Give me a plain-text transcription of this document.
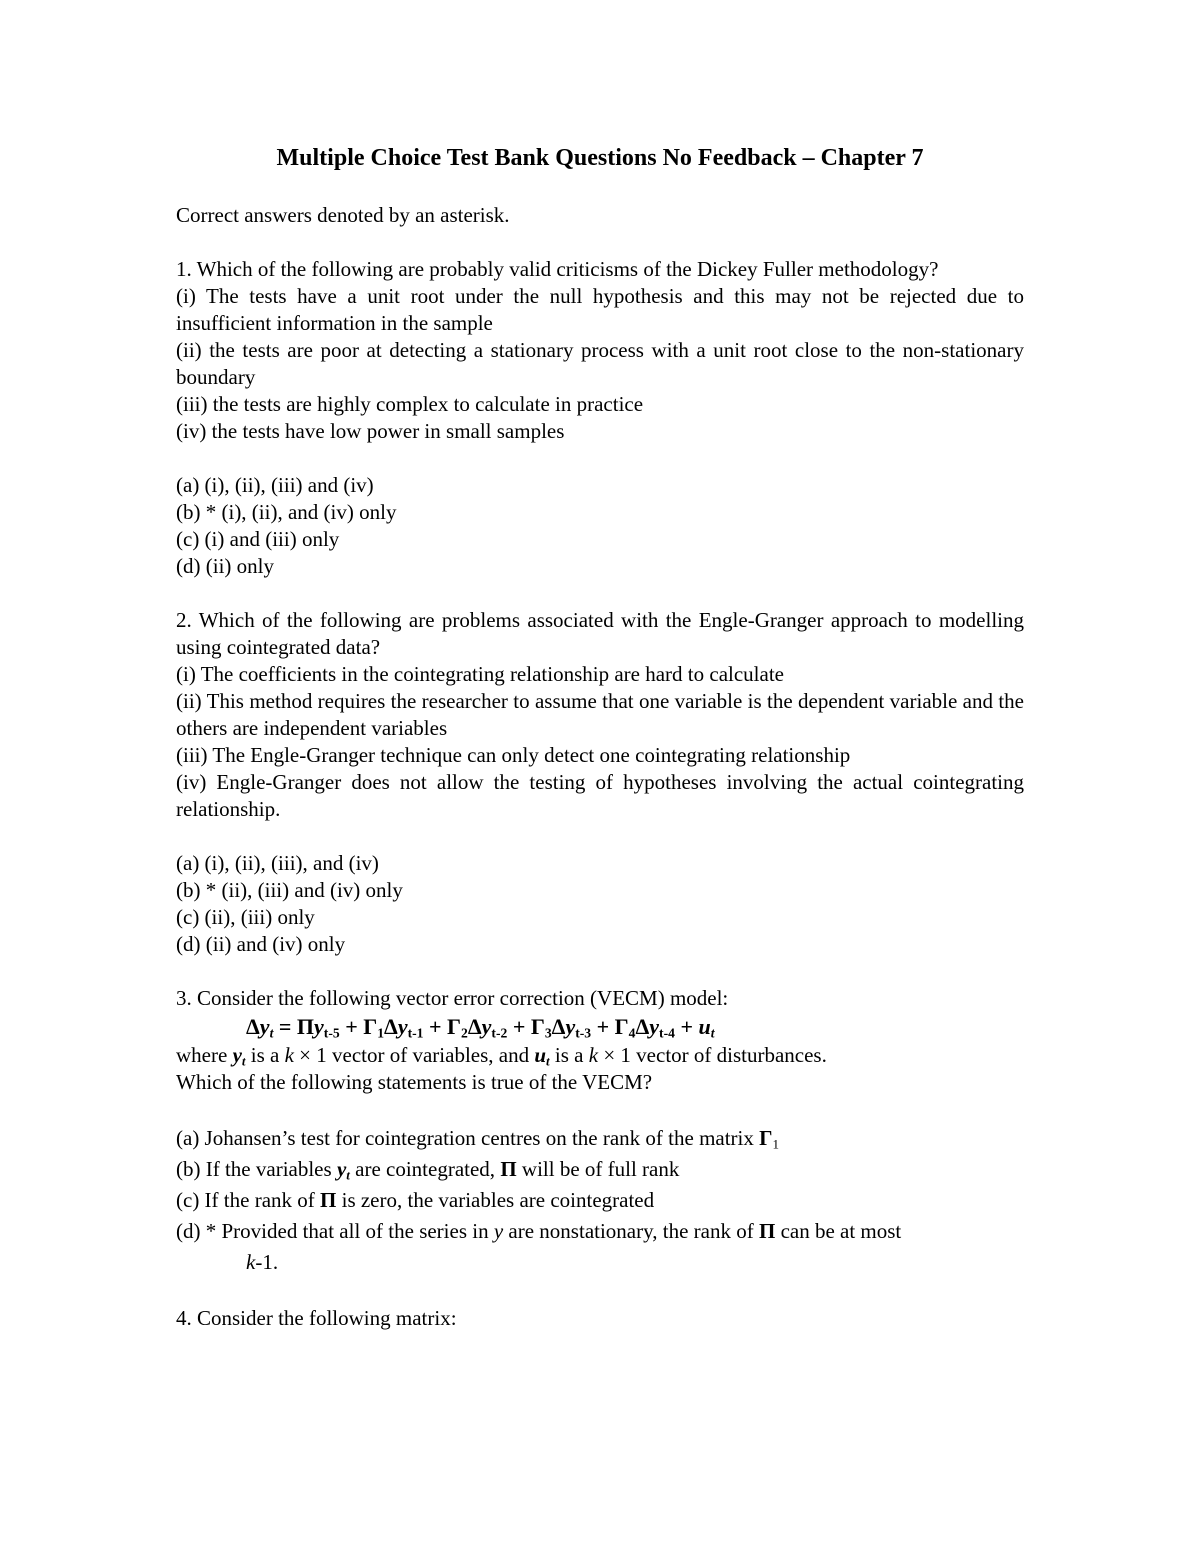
Multiple Choice Test Bank Questions No Feedback – Chapter 7

Correct answers denoted by an asterisk.

1. Which of the following are probably valid criticisms of the Dickey Fuller methodology?

(i) The tests have a unit root under the null hypothesis and this may not be rejected due to insufficient information in the sample

(ii) the tests are poor at detecting a stationary process with a unit root close to the non-stationary boundary

(iii) the tests are highly complex to calculate in practice

(iv) the tests have low power in small samples

(a) (i), (ii), (iii) and (iv)

(b) * (i), (ii), and (iv) only

(c) (i) and (iii) only

(d) (ii) only

2. Which of the following are problems associated with the Engle-Granger approach to modelling using cointegrated data?

(i) The coefficients in the cointegrating relationship are hard to calculate

(ii) This method requires the researcher to assume that one variable is the dependent variable and the others are independent variables

(iii) The Engle-Granger technique can only detect one cointegrating relationship

(iv) Engle-Granger does not allow the testing of hypotheses involving the actual cointegrating relationship.

(a) (i), (ii), (iii), and (iv)

(b) * (ii), (iii) and (iv) only

(c) (ii), (iii) only

(d) (ii) and (iv) only

3. Consider the following vector error correction (VECM) model:

$\Delta y_t = \Pi y_{t-5} + \Gamma_1\Delta y_{t-1} + \Gamma_2\Delta y_{t-2} + \Gamma_3\Delta y_{t-3} + \Gamma_4\Delta y_{t-4} + u_t$

where $y_t$ is a k × 1 vector of variables, and $u_t$ is a k × 1 vector of disturbances.

Which of the following statements is true of the VECM?

(a) Johansen’s test for cointegration centres on the rank of the matrix $\Gamma_1$

(b) If the variables $y_t$ are cointegrated, Π will be of full rank

(c) If the rank of Π is zero, the variables are cointegrated

(d) * Provided that all of the series in y are nonstationary, the rank of Π can be at most

k-1.

4. Consider the following matrix:
